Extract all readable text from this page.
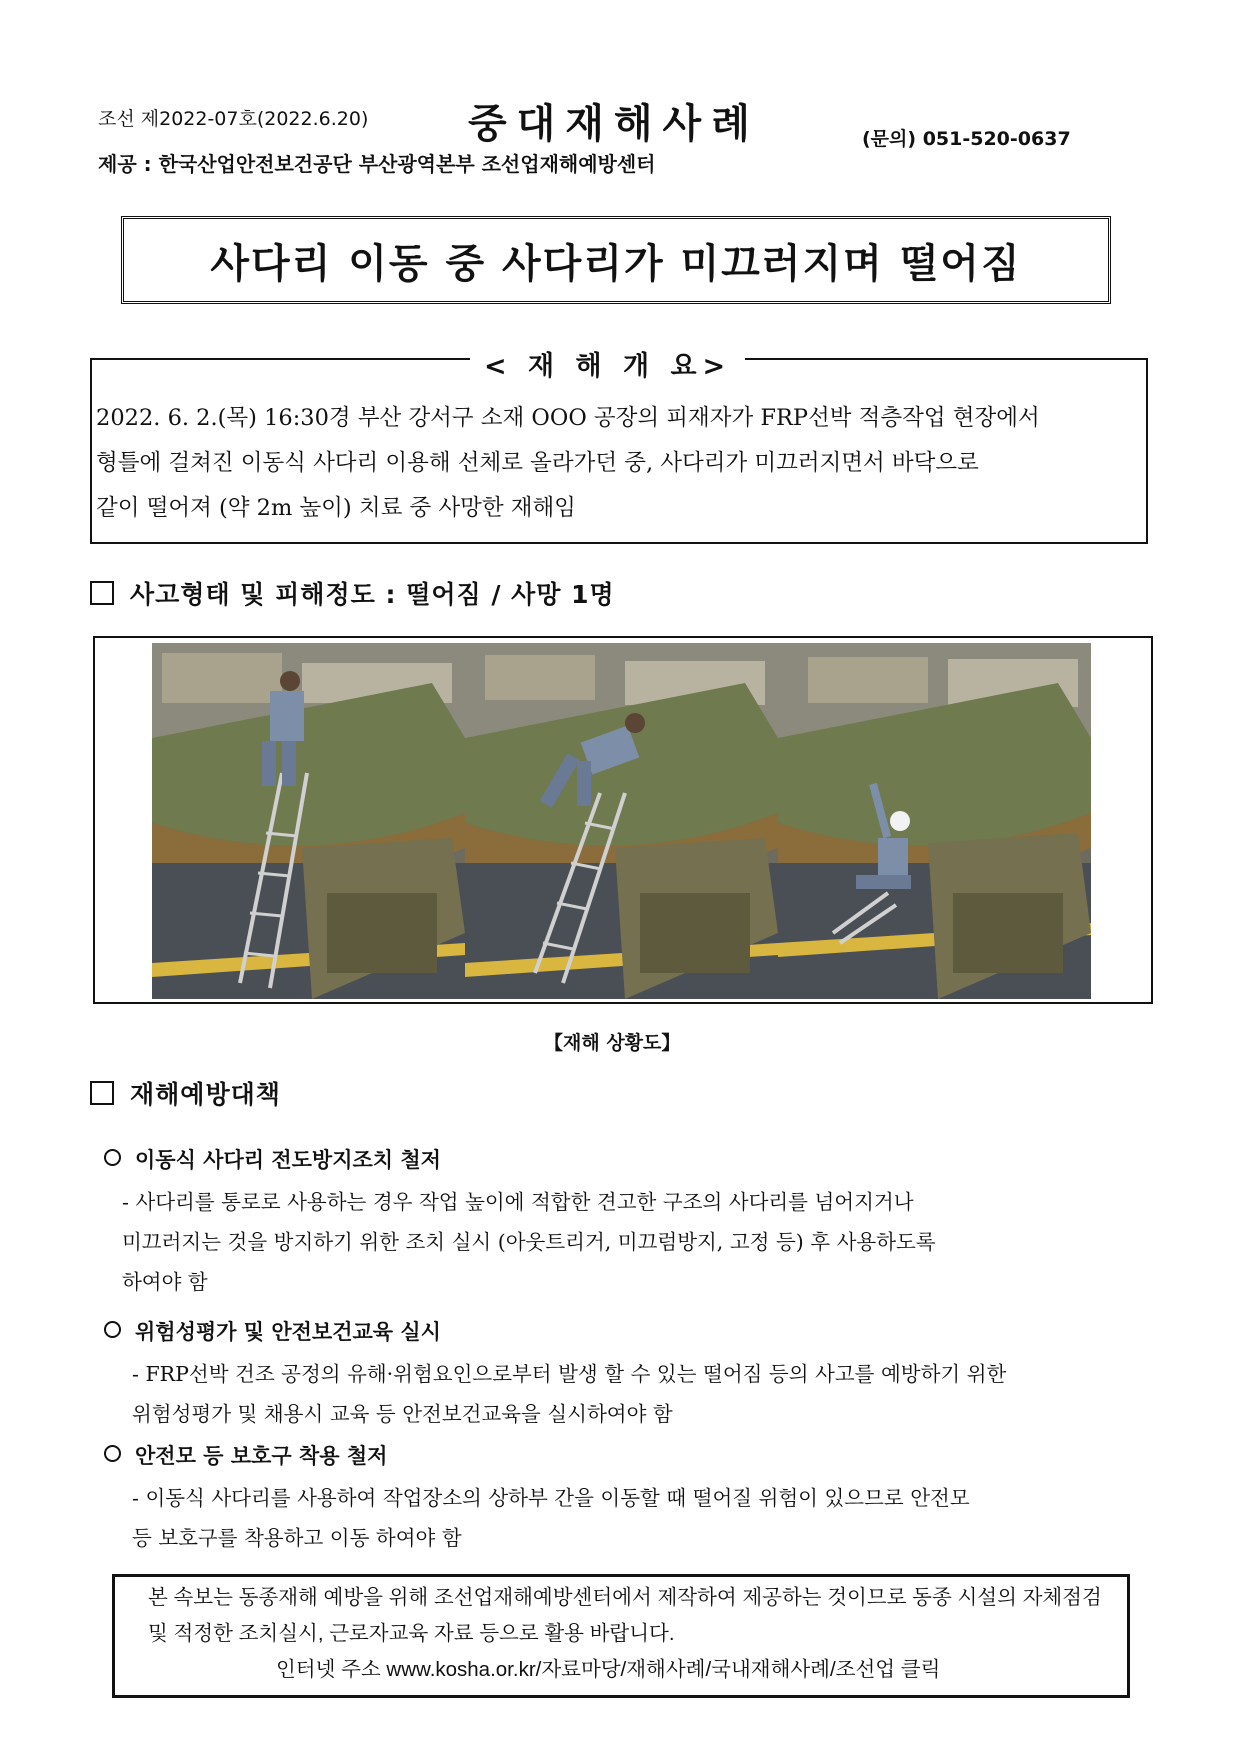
조선 제2022-07호(2022.6.20) 중대재해사례	(문의) 051-520-0637
제공 : 한국산업안전보건공단 부산광역본부 조선업재해예방센터
사다리 이동 중 사다리가 미끄러지며 떨어짐
< 재 해 개 요>
2022. 6. 2.(목) 16:30경 부산 강서구 소재 OOO 공장의 피재자가 FRP선박 적층작업 현장에서
형틀에 걸쳐진 이동식 사다리 이용해 선체로 올라가던 중, 사다리가 미끄러지면서 바닥으로
같이 떨어져 (약 2m 높이) 치료 중 사망한 재해임
사고형태 및 피해정도 : 떨어짐 / 사망 1명
【재해 상황도】
재해예방대책
이동식 사다리 전도방지조치 철저
- 사다리를 통로로 사용하는 경우 작업 높이에 적합한 견고한 구조의 사다리를 넘어지거나
미끄러지는 것을 방지하기 위한 조치 실시 (아웃트리거, 미끄럼방지, 고정 등) 후 사용하도록
하여야 함
위험성평가 및 안전보건교육 실시
- FRP선박 건조 공정의 유해·위험요인으로부터 발생 할 수 있는 떨어짐 등의 사고를 예방하기 위한
위험성평가 및 채용시 교육 등 안전보건교육을 실시하여야 함
안전모 등 보호구 착용 철저
- 이동식 사다리를 사용하여 작업장소의 상하부 간을 이동할 때 떨어질 위험이 있으므로 안전모
등 보호구를 착용하고 이동 하여야 함
본 속보는 동종재해 예방을 위해 조선업재해예방센터에서 제작하여 제공하는 것이므로 동종 시설의 자체점검 및 적정한 조치실시, 근로자교육 자료 등으로 활용 바랍니다.
인터넷 주소 www.kosha.or.kr/자료마당/재해사례/국내재해사례/조선업 클릭
